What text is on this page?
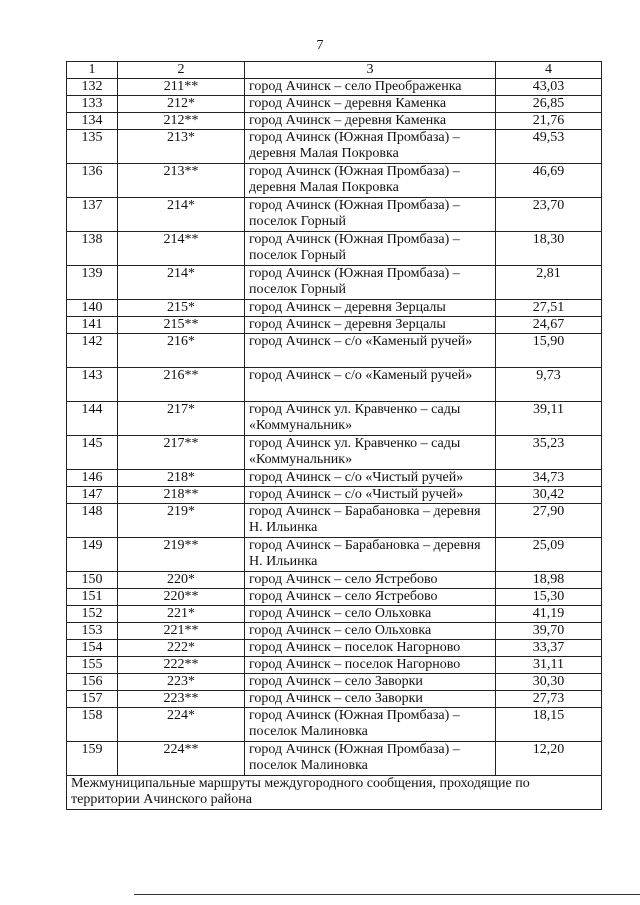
7
1	2	3	4
132	211**	город Ачинск – село Преображенка	43,03
133	212*	город Ачинск – деревня Каменка	26,85
134	212**	город Ачинск – деревня Каменка	21,76
135	213*	город Ачинск (Южная Промбаза) – деревня Малая Покровка	49,53
136	213**	город Ачинск (Южная Промбаза) – деревня Малая Покровка	46,69
137	214*	город Ачинск (Южная Промбаза) – поселок Горный	23,70
138	214**	город Ачинск (Южная Промбаза) – поселок Горный	18,30
139	214*	город Ачинск (Южная Промбаза) – поселок Горный	2,81
140	215*	город Ачинск – деревня Зерцалы	27,51
141	215**	город Ачинск – деревня Зерцалы	24,67
142	216*	город Ачинск – с/о «Каменый ручей»	15,90
143	216**	город Ачинск – с/о «Каменый ручей»	9,73
144	217*	город Ачинск ул. Кравченко – сады «Коммунальник»	39,11
145	217**	город Ачинск ул. Кравченко – сады «Коммунальник»	35,23
146	218*	город Ачинск – с/о «Чистый ручей»	34,73
147	218**	город Ачинск – с/о «Чистый ручей»	30,42
148	219*	город Ачинск – Барабановка – деревня Н. Ильинка	27,90
149	219**	город Ачинск – Барабановка – деревня Н. Ильинка	25,09
150	220*	город Ачинск – село Ястребово	18,98
151	220**	город Ачинск – село Ястребово	15,30
152	221*	город Ачинск – село Ольховка	41,19
153	221**	город Ачинск – село Ольховка	39,70
154	222*	город Ачинск – поселок Нагорново	33,37
155	222**	город Ачинск – поселок Нагорново	31,11
156	223*	город Ачинск – село Заворки	30,30
157	223**	город Ачинск – село Заворки	27,73
158	224*	город Ачинск (Южная Промбаза) – поселок Малиновка	18,15
159	224**	город Ачинск (Южная Промбаза) – поселок Малиновка	12,20
Межмуниципальные маршруты междугородного сообщения, проходящие по территории Ачинского района			
